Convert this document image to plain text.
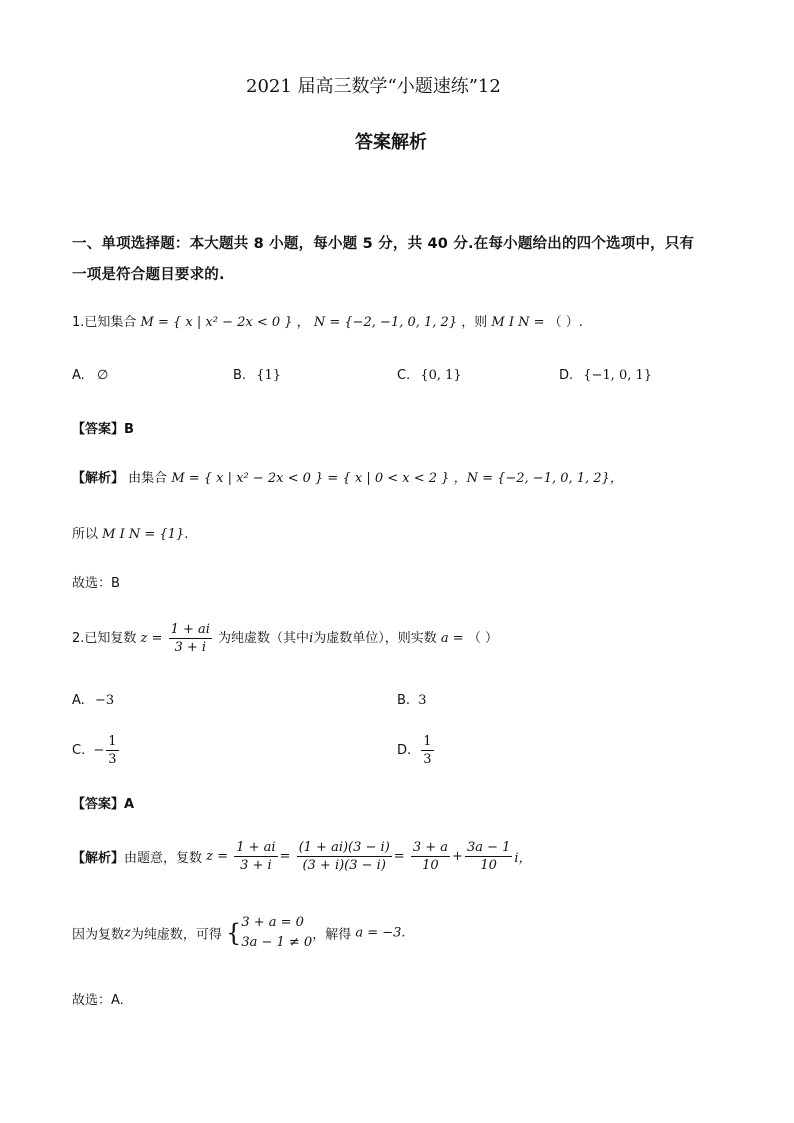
2021 届高三数学“小题速练”12
答案解析
一、单项选择题：本大题共 8 小题，每小题 5 分，共 40 分.在每小题给出的四个选项中，只有
一项是符合题目要求的.
1.已知集合 M = { x | x² − 2x < 0 } ， N = {−2, −1, 0, 1, 2} ，则 M I N = （ ）.
A. ∅	B. {1}	C. {0, 1}	D. {−1, 0, 1}
【答案】B
【解析】 由集合 M = { x | x² − 2x < 0 } = { x | 0 < x < 2 } ，N = {−2, −1, 0, 1, 2}，
所以 M I N = {1}.
故选：B
2.已知复数 $z = \frac{1 + ai}{3 + i}$ 为纯虚数（其中i为虚数单位），则实数 a = （ ）
A. −3	B. 3
C. − $\frac{1}{3}$	D. $\frac{1}{3}$
【答案】A
【解析】由题意，复数 $z = \frac{1 + ai}{3 + i} = \frac{(1 + ai)(3 - i)}{(3 + i)(3 - i)} = \frac{3 + a}{10} + \frac{3a - 1}{10}$ i，
因为复数z为纯虚数，可得 { 3 + a = 0
3a − 1 ≠ 0 ，解得 a = −3.
故选：A.
